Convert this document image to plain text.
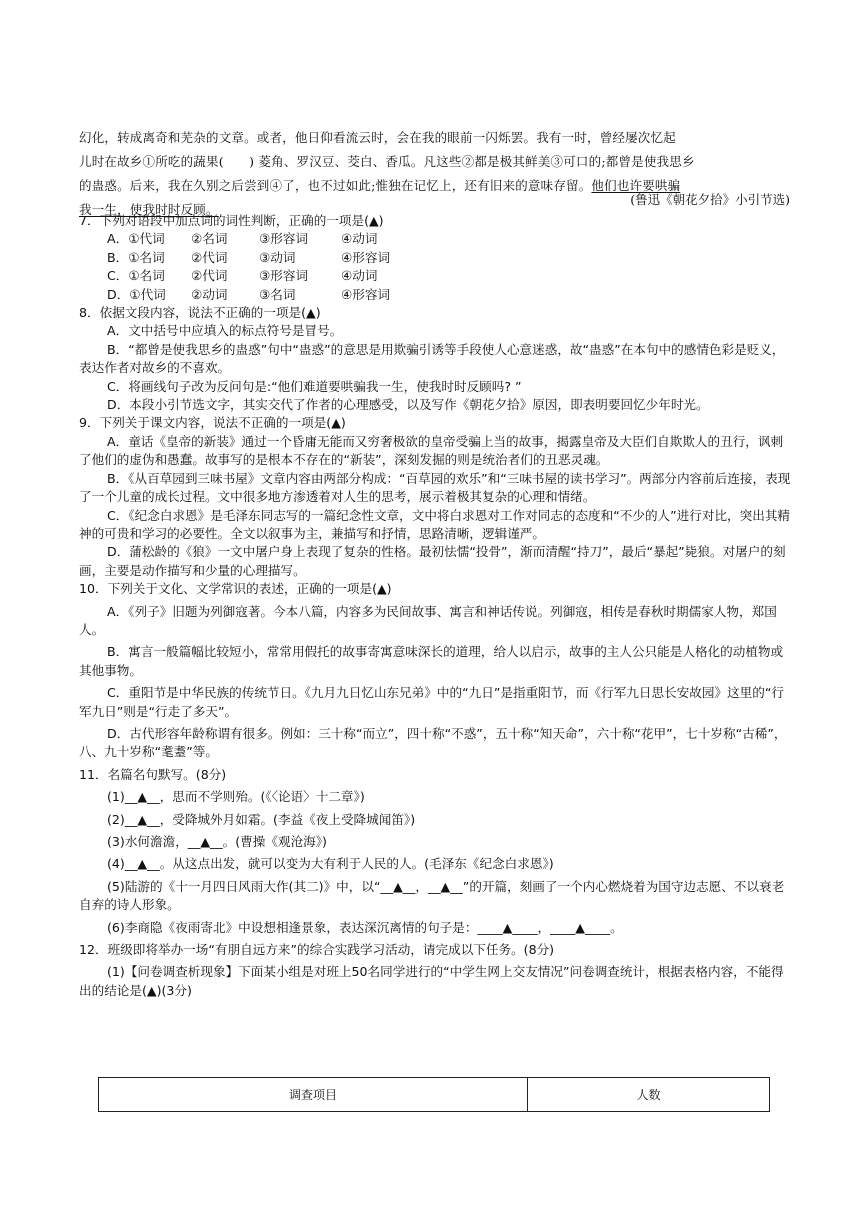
幻化，转成离奇和芜杂的文章。或者，他日仰看流云时，会在我的眼前一闪烁罢。我有一时，曾经屡次忆起

儿时在故乡①所吃的蔬果(　　) 菱角、罗汉豆、茭白、香瓜。凡这些②都是极其鲜美③可口的;都曾是使我思乡

的蛊惑。后来，我在久别之后尝到④了，也不过如此;惟独在记忆上，还有旧来的意味存留。他们也许要哄骗

我一生，使我时时反顾。

(鲁迅《朝花夕拾》小引节选)

7．下列对语段中加点词的词性判断，正确的一项是(▲)

A．①代词	②名词	③形容词	④动词
B．①名词	②代词	③动词	④形容词
C．①名词	②代词	③形容词	④动词
D．①代词	②动词	③名词	④形容词

8．依据文段内容，说法不正确的一项是(▲)

A．文中括号中应填入的标点符号是冒号。

B．“都曾是使我思乡的蛊惑”句中“蛊惑”的意思是用欺骗引诱等手段使人心意迷惑，故“蛊惑”在本句中的感情色彩是贬义，表达作者对故乡的不喜欢。

C．将画线句子改为反问句是:“他们难道要哄骗我一生，使我时时反顾吗? ”

D．本段小引节选文字，其实交代了作者的心理感受，以及写作《朝花夕拾》原因，即表明要回忆少年时光。

9．下列关于课文内容，说法不正确的一项是(▲)

A．童话《皇帝的新装》通过一个昏庸无能而又穷奢极欲的皇帝受骗上当的故事，揭露皇帝及大臣们自欺欺人的丑行，讽刺了他们的虚伪和愚蠢。故事写的是根本不存在的“新装”，深刻发掘的则是统治者们的丑恶灵魂。

B．《从百草园到三味书屋》文章内容由两部分构成：“百草园的欢乐”和“三味书屋的读书学习”。两部分内容前后连接，表现了一个儿童的成长过程。文中很多地方渗透着对人生的思考，展示着极其复杂的心理和情绪。

C．《纪念白求恩》是毛泽东同志写的一篇纪念性文章，文中将白求恩对工作对同志的态度和“不少的人”进行对比，突出其精神的可贵和学习的必要性。全文以叙事为主，兼描写和抒情，思路清晰，逻辑谨严。

D．蒲松龄的《狼》一文中屠户身上表现了复杂的性格。最初怯懦“投骨”，渐而清醒“持刀”，最后“暴起”毙狼。对屠户的刻画，主要是动作描写和少量的心理描写。

10．下列关于文化、文学常识的表述，正确的一项是(▲)

A．《列子》旧题为列御寇著。今本八篇，内容多为民间故事、寓言和神话传说。列御寇，相传是春秋时期儒家人物，郑国人。

B．寓言一般篇幅比较短小，常常用假托的故事寄寓意味深长的道理，给人以启示，故事的主人公只能是人格化的动植物或其他事物。

C．重阳节是中华民族的传统节日。《九月九日忆山东兄弟》中的“九日”是指重阳节，而《行军九日思长安故园》这里的“行军九日”则是“行走了多天”。

D．古代形容年龄称谓有很多。例如：三十称“而立”，四十称“不惑”，五十称“知天命”，六十称“花甲”，七十岁称“古稀”，八、九十岁称“耄耋”等。

11．名篇名句默写。(8分)

(1)__▲__，思而不学则殆。(《〈论语〉十二章》)

(2)__▲__，受降城外月如霜。(李益《夜上受降城闻笛》)

(3)水何澹澹，__▲__。(曹操《观沧海》)

(4)__▲__。从这点出发，就可以变为大有利于人民的人。(毛泽东《纪念白求恩》)

(5)陆游的《十一月四日风雨大作(其二)》中，以“__▲__，__▲__”的开篇，刻画了一个内心燃烧着为国守边志愿、不以衰老自弃的诗人形象。

(6)李商隐《夜雨寄北》中设想相逢景象，表达深沉离情的句子是：____▲____，____▲____。

12．班级即将举办一场“有朋自远方来”的综合实践学习活动，请完成以下任务。(8分)

(1)【问卷调查析现象】下面某小组是对班上50名同学进行的“中学生网上交友情况”问卷调查统计，根据表格内容，不能得出的结论是(▲)(3分)

调查项目	人数
